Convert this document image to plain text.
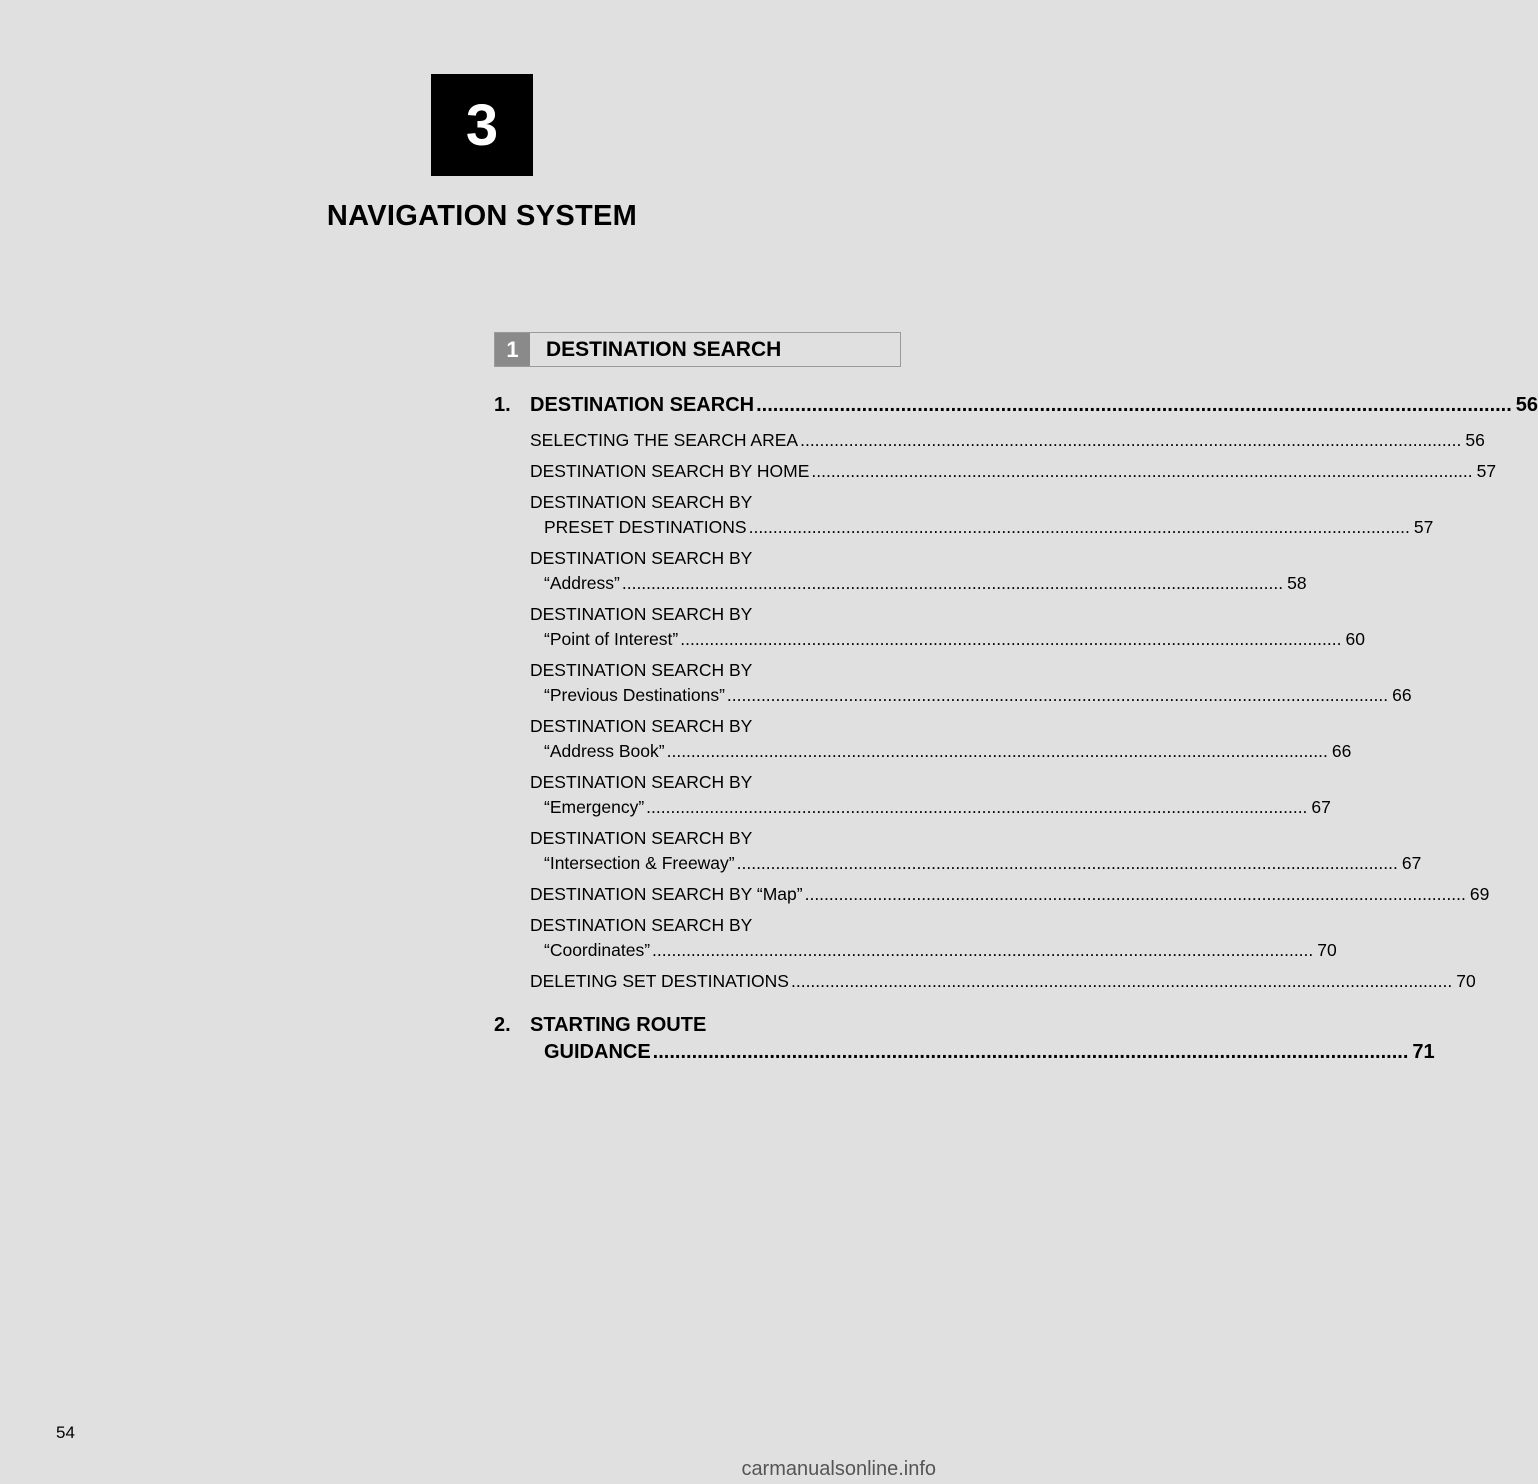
3
NAVIGATION SYSTEM
1	DESTINATION SEARCH
1. DESTINATION SEARCH .....	56
SELECTING THE SEARCH AREA .....	56
DESTINATION SEARCH BY HOME .....	57
DESTINATION SEARCH BY
PRESET DESTINATIONS .....	57
DESTINATION SEARCH BY
“Address” .....	58
DESTINATION SEARCH BY
“Point of Interest” .....	60
DESTINATION SEARCH BY
“Previous Destinations” .....	66
DESTINATION SEARCH BY
“Address Book” .....	66
DESTINATION SEARCH BY
“Emergency” .....	67
DESTINATION SEARCH BY
“Intersection & Freeway” .....	67
DESTINATION SEARCH BY “Map” .....	69
DESTINATION SEARCH BY
“Coordinates” .....	70
DELETING SET DESTINATIONS .....	70
2. STARTING ROUTE
GUIDANCE .....	71
54
carmanualsonline.info
